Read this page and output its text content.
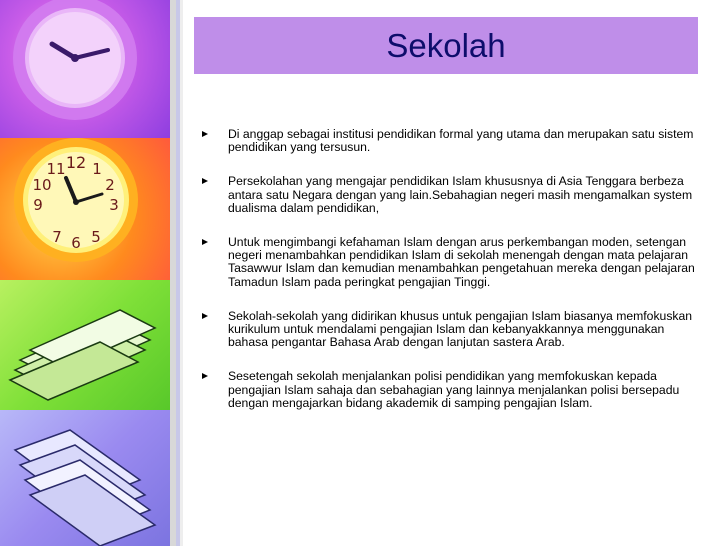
12 1
2
3
5
6
7
9
10
11
Sekolah
Di anggap sebagai institusi pendidikan formal yang utama dan merupakan satu sistem pendidikan yang tersusun.
Persekolahan yang mengajar pendidikan Islam khususnya di Asia Tenggara berbeza antara satu Negara dengan yang lain.Sebahagian negeri masih mengamalkan system dualisma dalam pendidikan,
Untuk mengimbangi kefahaman Islam dengan arus perkembangan moden, setengan negeri menambahkan pendidikan Islam di sekolah menengah dengan mata pelajaran Tasawwur Islam dan kemudian menambahkan pengetahuan mereka dengan pelajaran Tamadun Islam pada peringkat pengajian Tinggi.
Sekolah-sekolah yang didirikan khusus untuk pengajian Islam biasanya memfokuskan kurikulum untuk mendalami pengajian Islam dan kebanyakkannya menggunakan bahasa pengantar Bahasa Arab dengan lanjutan sastera Arab.
Sesetengah sekolah menjalankan polisi pendidikan yang memfokuskan kepada pengajian Islam sahaja dan sebahagian yang lainnya menjalankan polisi bersepadu dengan mengajarkan bidang akademik di samping pengajian Islam.
